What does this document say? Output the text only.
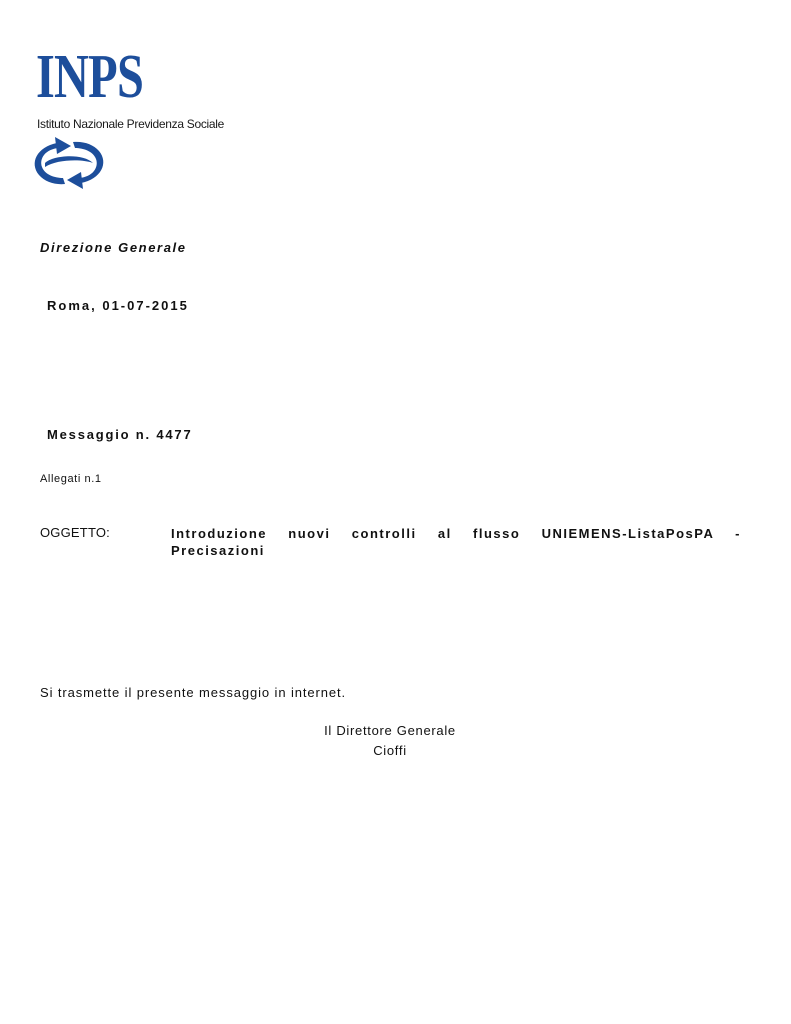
INPS
Istituto Nazionale Previdenza Sociale
Direzione Generale
Roma, 01-07-2015
Messaggio n. 4477
Allegati n.1
OGGETTO:	Introduzione nuovi controlli al flusso UNIEMENS-ListaPosPA - Precisazioni
Si trasmette il presente messaggio in internet.
Il Direttore Generale
Cioffi
